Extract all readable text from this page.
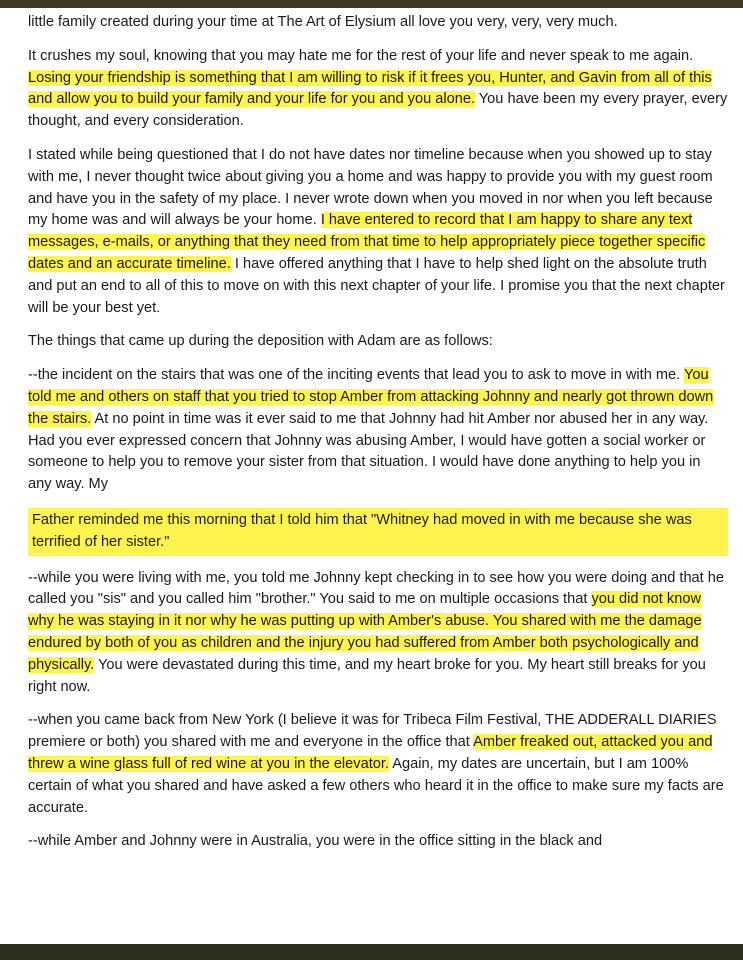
little family created during your time at The Art of Elysium all love you very, very, very much.

It crushes my soul, knowing that you may hate me for the rest of your life and never speak to me again. Losing your friendship is something that I am willing to risk if it frees you, Hunter, and Gavin from all of this and allow you to build your family and your life for you and you alone. You have been my every prayer, every thought, and every consideration.

I stated while being questioned that I do not have dates nor timeline because when you showed up to stay with me, I never thought twice about giving you a home and was happy to provide you with my guest room and have you in the safety of my place. I never wrote down when you moved in nor when you left because my home was and will always be your home. I have entered to record that I am happy to share any text messages, e-mails, or anything that they need from that time to help appropriately piece together specific dates and an accurate timeline. I have offered anything that I have to help shed light on the absolute truth and put an end to all of this to move on with this next chapter of your life. I promise you that the next chapter will be your best yet.

The things that came up during the deposition with Adam are as follows:

--the incident on the stairs that was one of the inciting events that lead you to ask to move in with me. You told me and others on staff that you tried to stop Amber from attacking Johnny and nearly got thrown down the stairs. At no point in time was it ever said to me that Johnny had hit Amber nor abused her in any way. Had you ever expressed concern that Johnny was abusing Amber, I would have gotten a social worker or someone to help you to remove your sister from that situation. I would have done anything to help you in any way. My

Father reminded me this morning that I told him that "Whitney had moved in with me because she was terrified of her sister."

--while you were living with me, you told me Johnny kept checking in to see how you were doing and that he called you "sis" and you called him "brother." You said to me on multiple occasions that you did not know why he was staying in it nor why he was putting up with Amber's abuse. You shared with me the damage endured by both of you as children and the injury you had suffered from Amber both psychologically and physically. You were devastated during this time, and my heart broke for you. My heart still breaks for you right now.

--when you came back from New York (I believe it was for Tribeca Film Festival, THE ADDERALL DIARIES premiere or both) you shared with me and everyone in the office that Amber freaked out, attacked you and threw a wine glass full of red wine at you in the elevator. Again, my dates are uncertain, but I am 100% certain of what you shared and have asked a few others who heard it in the office to make sure my facts are accurate.

--while Amber and Johnny were in Australia, you were in the office sitting in the black and
